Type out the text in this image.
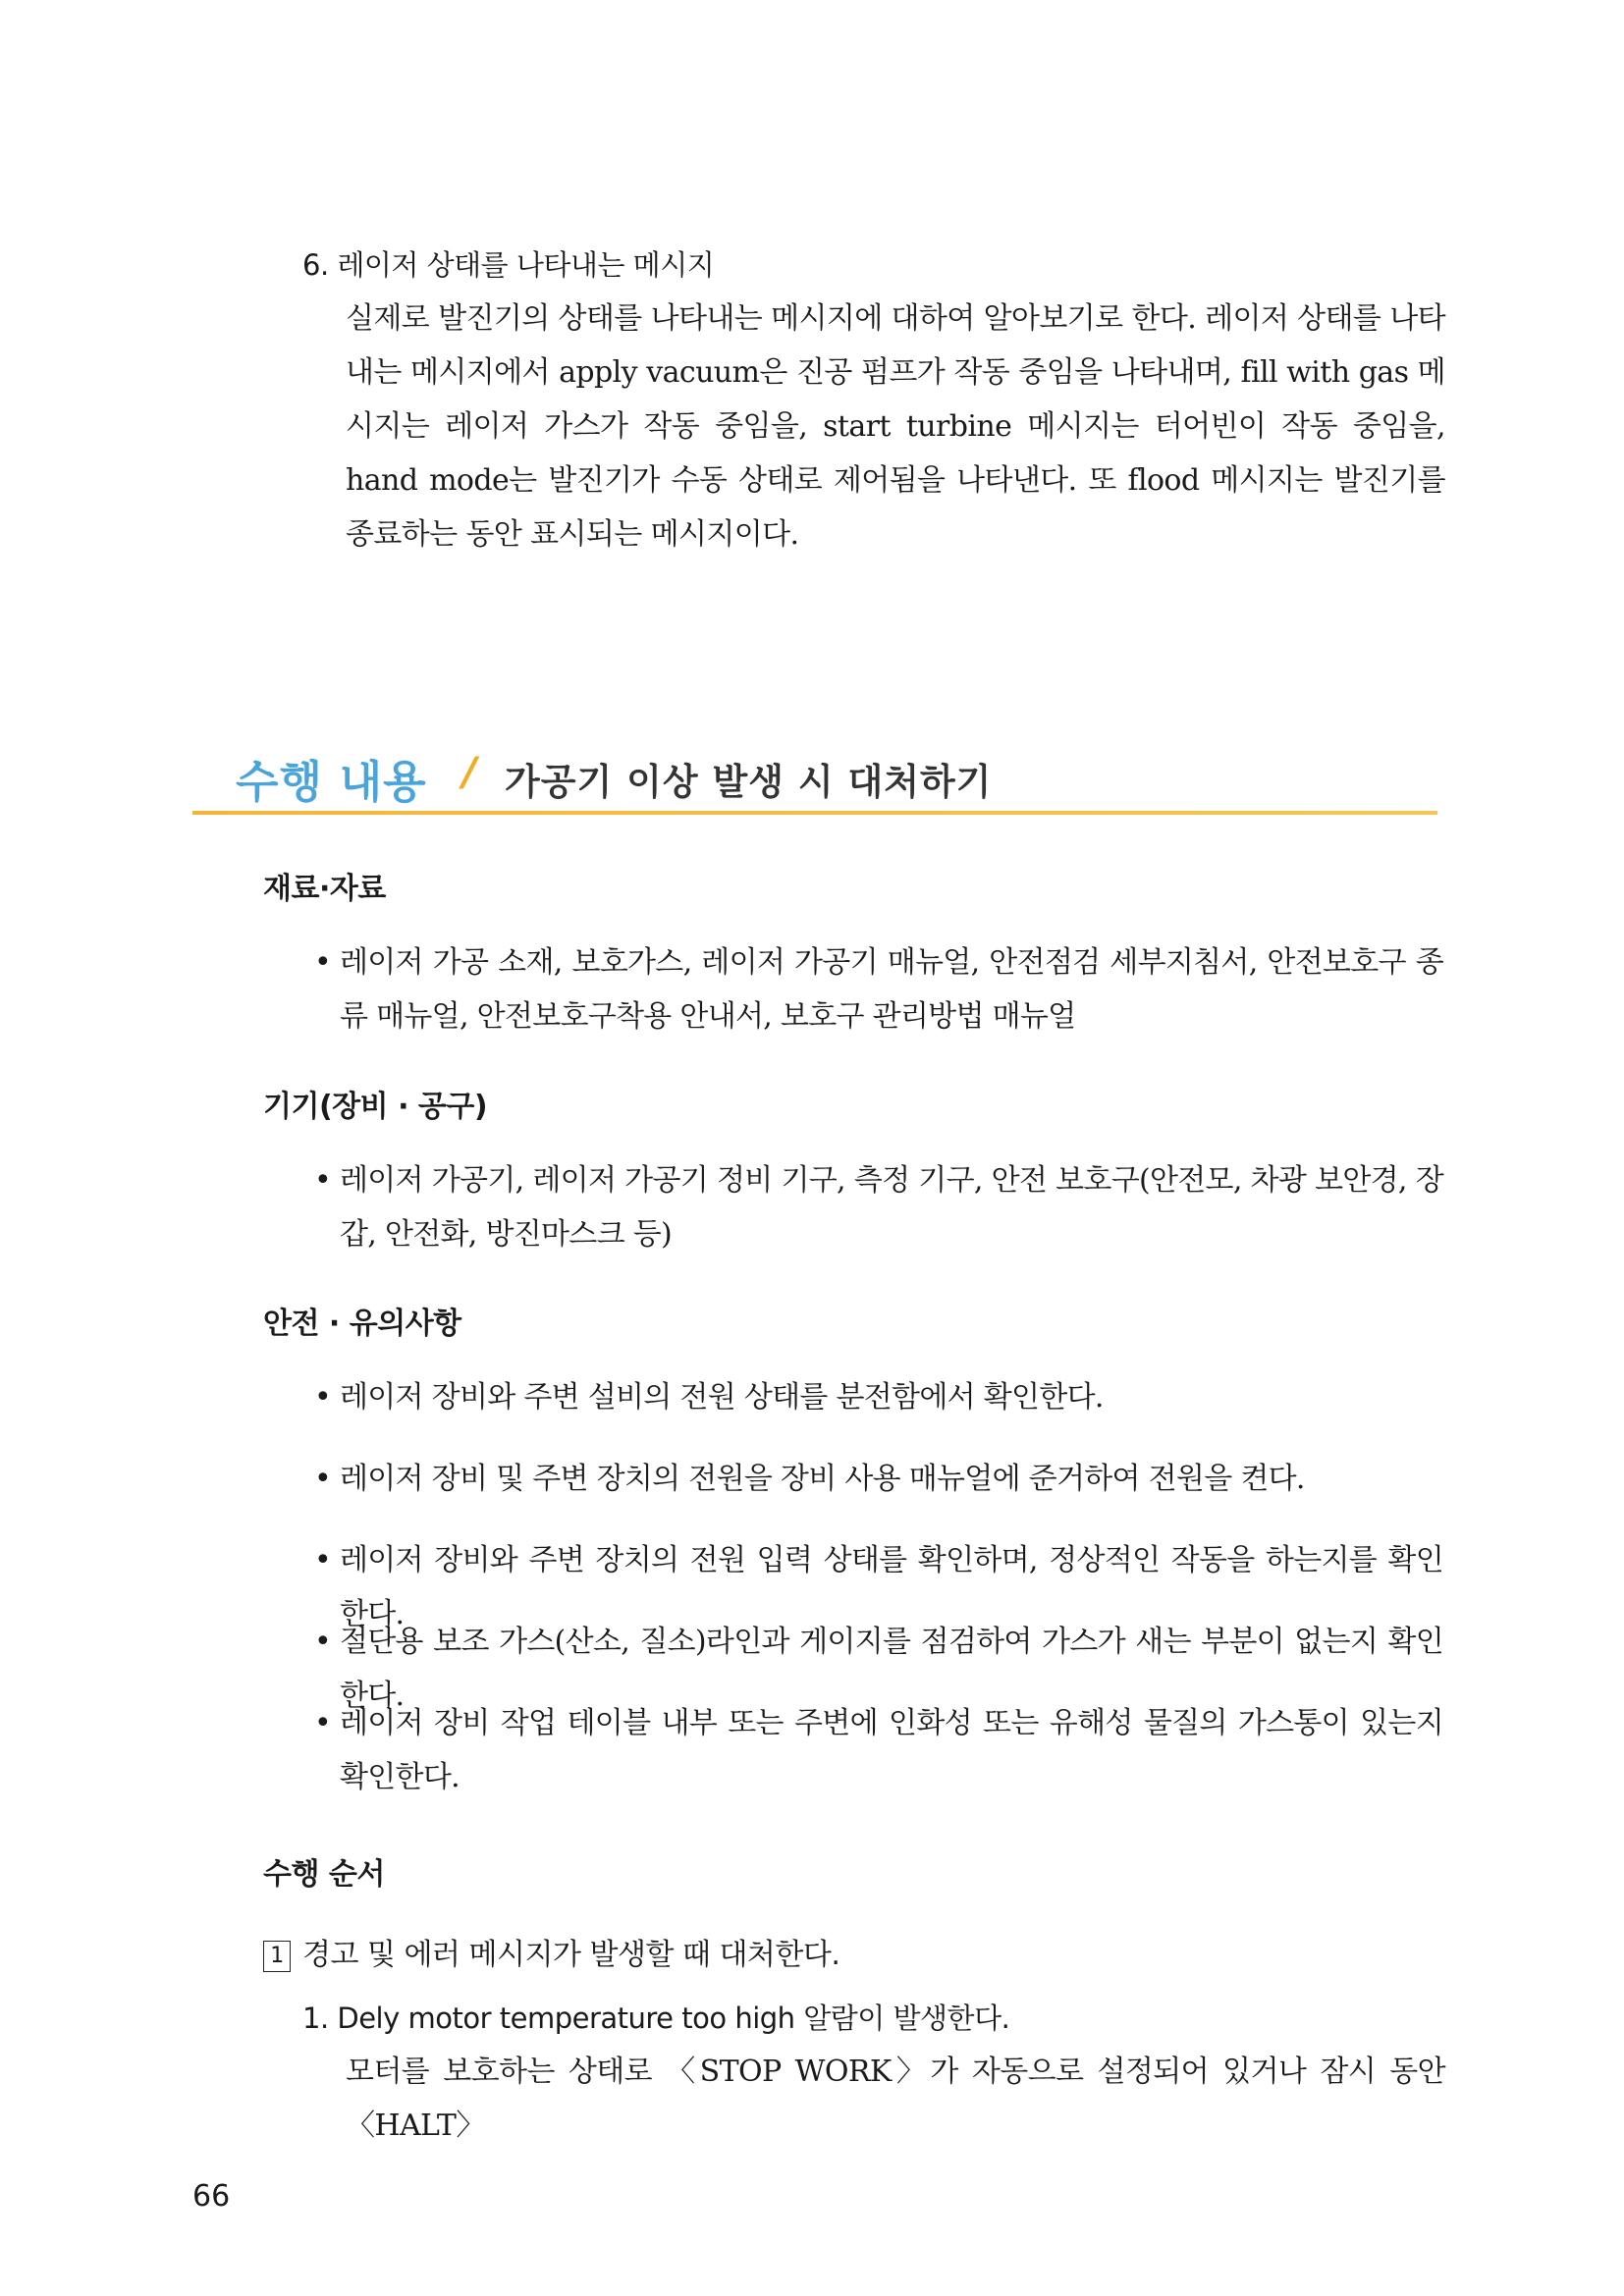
6. 레이저 상태를 나타내는 메시지
실제로 발진기의 상태를 나타내는 메시지에 대하여 알아보기로 한다. 레이저 상태를 나타내는 메시지에서 apply vacuum은 진공 펌프가 작동 중임을 나타내며, fill with gas 메시지는 레이저 가스가 작동 중임을, start turbine 메시지는 터어빈이 작동 중임을, hand mode는 발진기가 수동 상태로 제어됨을 나타낸다. 또 flood 메시지는 발진기를 종료하는 동안 표시되는 메시지이다.
수행 내용 / 가공기 이상 발생 시 대처하기
재료·자료
• 레이저 가공 소재, 보호가스, 레이저 가공기 매뉴얼, 안전점검 세부지침서, 안전보호구 종류 매뉴얼, 안전보호구착용 안내서, 보호구 관리방법 매뉴얼
기기(장비 · 공구)
• 레이저 가공기, 레이저 가공기 정비 기구, 측정 기구, 안전 보호구(안전모, 차광 보안경, 장갑, 안전화, 방진마스크 등)
안전 · 유의사항
• 레이저 장비와 주변 설비의 전원 상태를 분전함에서 확인한다.
• 레이저 장비 및 주변 장치의 전원을 장비 사용 매뉴얼에 준거하여 전원을 켠다.
• 레이저 장비와 주변 장치의 전원 입력 상태를 확인하며, 정상적인 작동을 하는지를 확인한다.
• 절단용 보조 가스(산소, 질소)라인과 게이지를 점검하여 가스가 새는 부분이 없는지 확인한다.
• 레이저 장비 작업 테이블 내부 또는 주변에 인화성 또는 유해성 물질의 가스통이 있는지 확인한다.
수행 순서
1 경고 및 에러 메시지가 발생할 때 대처한다.
1. Dely motor temperature too high 알람이 발생한다.
모터를 보호하는 상태로 〈STOP WORK〉가 자동으로 설정되어 있거나 잠시 동안 〈HALT〉
66
